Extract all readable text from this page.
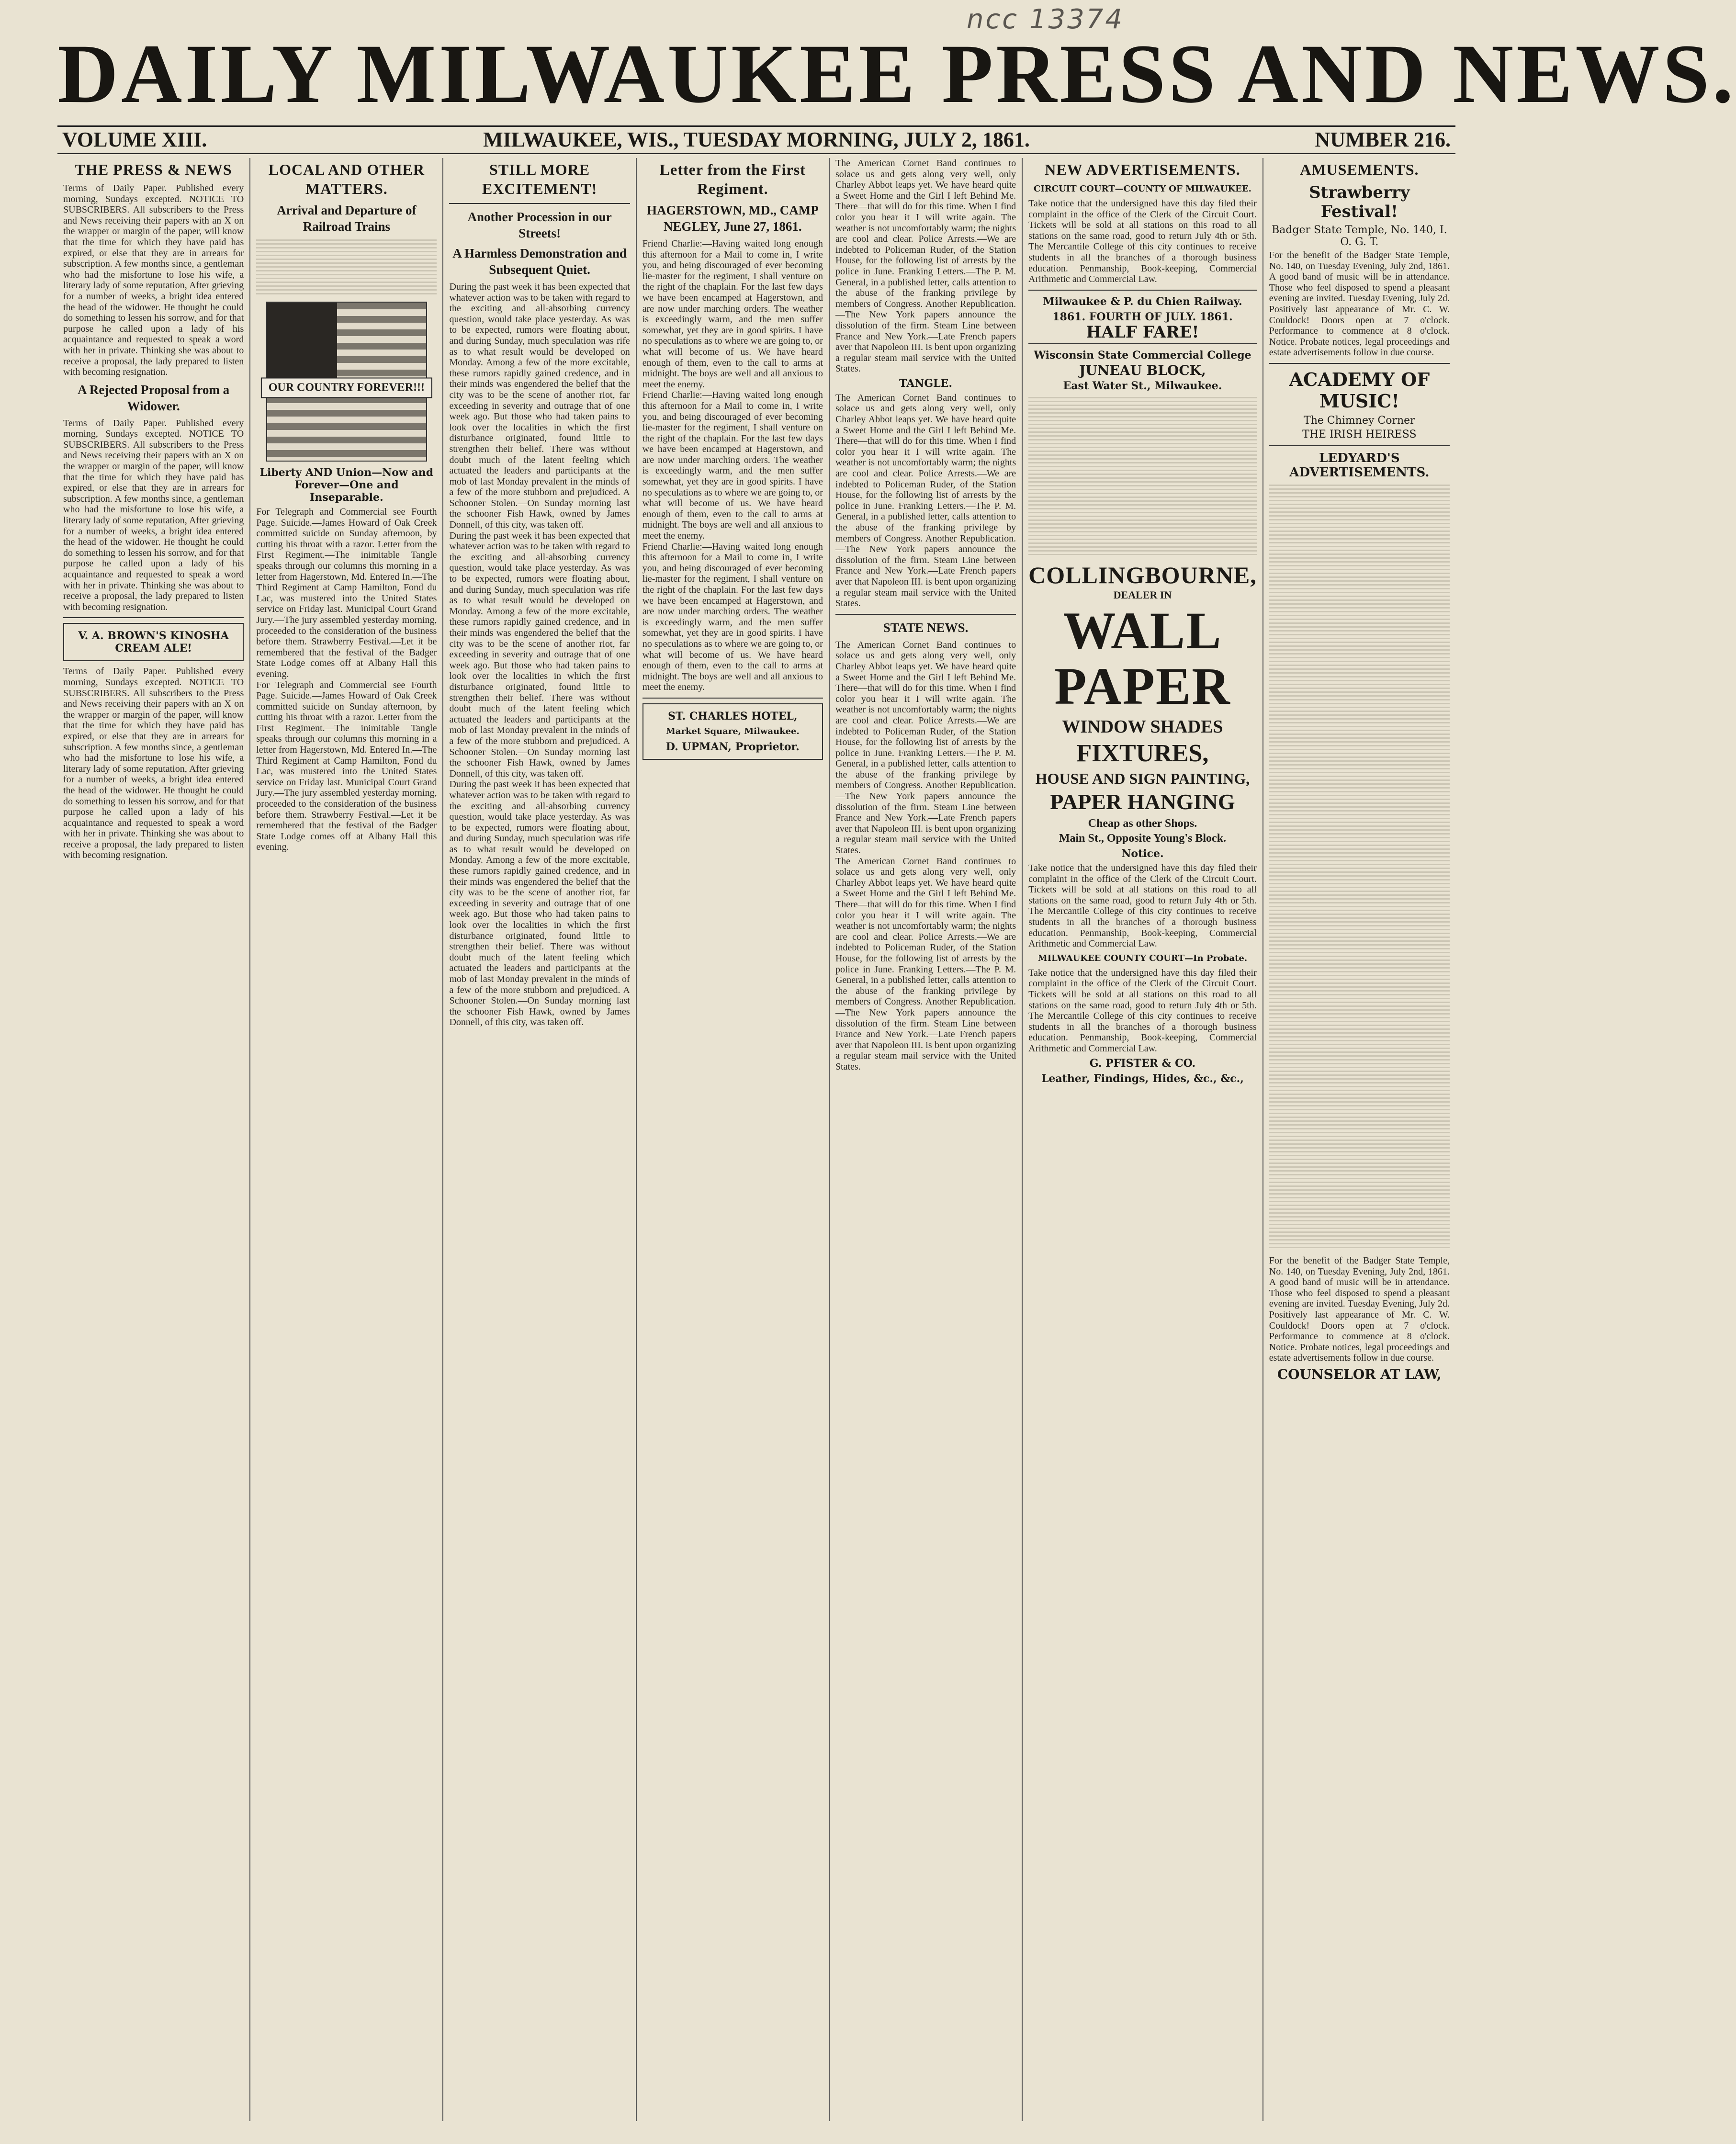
ncc 13374
DAILY MILWAUKEE PRESS AND NEWS.
MILWAUKEE, WIS., TUESDAY MORNING, JULY 2, 1861.
VOLUME XIII.	NUMBER 216.
THE PRESS & NEWS
Terms of Daily Paper. Published every morning, Sundays excepted. NOTICE TO SUBSCRIBERS. All subscribers to the Press and News receiving their papers with an X on the wrapper or margin of the paper, will know that the time for which they have paid has expired, or else that they are in arrears for subscription. A few months since, a gentleman who had the misfortune to lose his wife, a literary lady of some reputation, After grieving for a number of weeks, a bright idea entered the head of the widower. He thought he could do something to lessen his sorrow, and for that purpose he called upon a lady of his acquaintance and requested to speak a word with her in private. Thinking she was about to receive a proposal, the lady prepared to listen with becoming resignation.
A Rejected Proposal from a Widower.
Terms of Daily Paper. Published every morning, Sundays excepted. NOTICE TO SUBSCRIBERS. All subscribers to the Press and News receiving their papers with an X on the wrapper or margin of the paper, will know that the time for which they have paid has expired, or else that they are in arrears for subscription. A few months since, a gentleman who had the misfortune to lose his wife, a literary lady of some reputation, After grieving for a number of weeks, a bright idea entered the head of the widower. He thought he could do something to lessen his sorrow, and for that purpose he called upon a lady of his acquaintance and requested to speak a word with her in private. Thinking she was about to receive a proposal, the lady prepared to listen with becoming resignation.
V. A. BROWN'S KINOSHA CREAM ALE!
Terms of Daily Paper. Published every morning, Sundays excepted. NOTICE TO SUBSCRIBERS. All subscribers to the Press and News receiving their papers with an X on the wrapper or margin of the paper, will know that the time for which they have paid has expired, or else that they are in arrears for subscription. A few months since, a gentleman who had the misfortune to lose his wife, a literary lady of some reputation, After grieving for a number of weeks, a bright idea entered the head of the widower. He thought he could do something to lessen his sorrow, and for that purpose he called upon a lady of his acquaintance and requested to speak a word with her in private. Thinking she was about to receive a proposal, the lady prepared to listen with becoming resignation.
LOCAL AND OTHER MATTERS.
Arrival and Departure of Railroad Trains
OUR COUNTRY FOREVER!!!
Liberty AND Union—Now and Forever—One and Inseparable.
For Telegraph and Commercial see Fourth Page. Suicide.—James Howard of Oak Creek committed suicide on Sunday afternoon, by cutting his throat with a razor. Letter from the First Regiment.—The inimitable Tangle speaks through our columns this morning in a letter from Hagerstown, Md. Entered In.—The Third Regiment at Camp Hamilton, Fond du Lac, was mustered into the United States service on Friday last. Municipal Court Grand Jury.—The jury assembled yesterday morning, proceeded to the consideration of the business before them. Strawberry Festival.—Let it be remembered that the festival of the Badger State Lodge comes off at Albany Hall this evening.
For Telegraph and Commercial see Fourth Page. Suicide.—James Howard of Oak Creek committed suicide on Sunday afternoon, by cutting his throat with a razor. Letter from the First Regiment.—The inimitable Tangle speaks through our columns this morning in a letter from Hagerstown, Md. Entered In.—The Third Regiment at Camp Hamilton, Fond du Lac, was mustered into the United States service on Friday last. Municipal Court Grand Jury.—The jury assembled yesterday morning, proceeded to the consideration of the business before them. Strawberry Festival.—Let it be remembered that the festival of the Badger State Lodge comes off at Albany Hall this evening.
STILL MORE EXCITEMENT!
Another Procession in our Streets!
A Harmless Demonstration and Subsequent Quiet.
During the past week it has been expected that whatever action was to be taken with regard to the exciting and all-absorbing currency question, would take place yesterday. As was to be expected, rumors were floating about, and during Sunday, much speculation was rife as to what result would be developed on Monday. Among a few of the more excitable, these rumors rapidly gained credence, and in their minds was engendered the belief that the city was to be the scene of another riot, far exceeding in severity and outrage that of one week ago. But those who had taken pains to look over the localities in which the first disturbance originated, found little to strengthen their belief. There was without doubt much of the latent feeling which actuated the leaders and participants at the mob of last Monday prevalent in the minds of a few of the more stubborn and prejudiced. A Schooner Stolen.—On Sunday morning last the schooner Fish Hawk, owned by James Donnell, of this city, was taken off.
During the past week it has been expected that whatever action was to be taken with regard to the exciting and all-absorbing currency question, would take place yesterday. As was to be expected, rumors were floating about, and during Sunday, much speculation was rife as to what result would be developed on Monday. Among a few of the more excitable, these rumors rapidly gained credence, and in their minds was engendered the belief that the city was to be the scene of another riot, far exceeding in severity and outrage that of one week ago. But those who had taken pains to look over the localities in which the first disturbance originated, found little to strengthen their belief. There was without doubt much of the latent feeling which actuated the leaders and participants at the mob of last Monday prevalent in the minds of a few of the more stubborn and prejudiced. A Schooner Stolen.—On Sunday morning last the schooner Fish Hawk, owned by James Donnell, of this city, was taken off.
During the past week it has been expected that whatever action was to be taken with regard to the exciting and all-absorbing currency question, would take place yesterday. As was to be expected, rumors were floating about, and during Sunday, much speculation was rife as to what result would be developed on Monday. Among a few of the more excitable, these rumors rapidly gained credence, and in their minds was engendered the belief that the city was to be the scene of another riot, far exceeding in severity and outrage that of one week ago. But those who had taken pains to look over the localities in which the first disturbance originated, found little to strengthen their belief. There was without doubt much of the latent feeling which actuated the leaders and participants at the mob of last Monday prevalent in the minds of a few of the more stubborn and prejudiced. A Schooner Stolen.—On Sunday morning last the schooner Fish Hawk, owned by James Donnell, of this city, was taken off.
Letter from the First Regiment.
HAGERSTOWN, MD., CAMP NEGLEY, June 27, 1861.
Friend Charlie:—Having waited long enough this afternoon for a Mail to come in, I write you, and being discouraged of ever becoming lie-master for the regiment, I shall venture on the right of the chaplain. For the last few days we have been encamped at Hagerstown, and are now under marching orders. The weather is exceedingly warm, and the men suffer somewhat, yet they are in good spirits. I have no speculations as to where we are going to, or what will become of us. We have heard enough of them, even to the call to arms at midnight. The boys are well and all anxious to meet the enemy.
Friend Charlie:—Having waited long enough this afternoon for a Mail to come in, I write you, and being discouraged of ever becoming lie-master for the regiment, I shall venture on the right of the chaplain. For the last few days we have been encamped at Hagerstown, and are now under marching orders. The weather is exceedingly warm, and the men suffer somewhat, yet they are in good spirits. I have no speculations as to where we are going to, or what will become of us. We have heard enough of them, even to the call to arms at midnight. The boys are well and all anxious to meet the enemy.
Friend Charlie:—Having waited long enough this afternoon for a Mail to come in, I write you, and being discouraged of ever becoming lie-master for the regiment, I shall venture on the right of the chaplain. For the last few days we have been encamped at Hagerstown, and are now under marching orders. The weather is exceedingly warm, and the men suffer somewhat, yet they are in good spirits. I have no speculations as to where we are going to, or what will become of us. We have heard enough of them, even to the call to arms at midnight. The boys are well and all anxious to meet the enemy.
ST. CHARLES HOTEL,
Market Square, Milwaukee.
D. UPMAN, Proprietor.
The American Cornet Band continues to solace us and gets along very well, only Charley Abbot leaps yet. We have heard quite a Sweet Home and the Girl I left Behind Me. There—that will do for this time. When I find color you hear it I will write again. The weather is not uncomfortably warm; the nights are cool and clear. Police Arrests.—We are indebted to Policeman Ruder, of the Station House, for the following list of arrests by the police in June. Franking Letters.—The P. M. General, in a published letter, calls attention to the abuse of the franking privilege by members of Congress. Another Republication.—The New York papers announce the dissolution of the firm. Steam Line between France and New York.—Late French papers aver that Napoleon III. is bent upon organizing a regular steam mail service with the United States.
TANGLE.
The American Cornet Band continues to solace us and gets along very well, only Charley Abbot leaps yet. We have heard quite a Sweet Home and the Girl I left Behind Me. There—that will do for this time. When I find color you hear it I will write again. The weather is not uncomfortably warm; the nights are cool and clear. Police Arrests.—We are indebted to Policeman Ruder, of the Station House, for the following list of arrests by the police in June. Franking Letters.—The P. M. General, in a published letter, calls attention to the abuse of the franking privilege by members of Congress. Another Republication.—The New York papers announce the dissolution of the firm. Steam Line between France and New York.—Late French papers aver that Napoleon III. is bent upon organizing a regular steam mail service with the United States.
STATE NEWS.
The American Cornet Band continues to solace us and gets along very well, only Charley Abbot leaps yet. We have heard quite a Sweet Home and the Girl I left Behind Me. There—that will do for this time. When I find color you hear it I will write again. The weather is not uncomfortably warm; the nights are cool and clear. Police Arrests.—We are indebted to Policeman Ruder, of the Station House, for the following list of arrests by the police in June. Franking Letters.—The P. M. General, in a published letter, calls attention to the abuse of the franking privilege by members of Congress. Another Republication.—The New York papers announce the dissolution of the firm. Steam Line between France and New York.—Late French papers aver that Napoleon III. is bent upon organizing a regular steam mail service with the United States.
The American Cornet Band continues to solace us and gets along very well, only Charley Abbot leaps yet. We have heard quite a Sweet Home and the Girl I left Behind Me. There—that will do for this time. When I find color you hear it I will write again. The weather is not uncomfortably warm; the nights are cool and clear. Police Arrests.—We are indebted to Policeman Ruder, of the Station House, for the following list of arrests by the police in June. Franking Letters.—The P. M. General, in a published letter, calls attention to the abuse of the franking privilege by members of Congress. Another Republication.—The New York papers announce the dissolution of the firm. Steam Line between France and New York.—Late French papers aver that Napoleon III. is bent upon organizing a regular steam mail service with the United States.
NEW ADVERTISEMENTS.
CIRCUIT COURT—COUNTY OF MILWAUKEE.
Take notice that the undersigned have this day filed their complaint in the office of the Clerk of the Circuit Court. Tickets will be sold at all stations on this road to all stations on the same road, good to return July 4th or 5th. The Mercantile College of this city continues to receive students in all the branches of a thorough business education. Penmanship, Book-keeping, Commercial Arithmetic and Commercial Law.
Milwaukee & P. du Chien Railway.
1861. FOURTH OF JULY. 1861.
HALF FARE!
Wisconsin State Commercial College
JUNEAU BLOCK,
East Water St., Milwaukee.
COLLINGBOURNE,
DEALER IN
WALL PAPER
WINDOW SHADES
FIXTURES,
HOUSE AND SIGN PAINTING,
PAPER HANGING
Cheap as other Shops.
Main St., Opposite Young's Block.
Notice.
Take notice that the undersigned have this day filed their complaint in the office of the Clerk of the Circuit Court. Tickets will be sold at all stations on this road to all stations on the same road, good to return July 4th or 5th. The Mercantile College of this city continues to receive students in all the branches of a thorough business education. Penmanship, Book-keeping, Commercial Arithmetic and Commercial Law.
MILWAUKEE COUNTY COURT—In Probate.
Take notice that the undersigned have this day filed their complaint in the office of the Clerk of the Circuit Court. Tickets will be sold at all stations on this road to all stations on the same road, good to return July 4th or 5th. The Mercantile College of this city continues to receive students in all the branches of a thorough business education. Penmanship, Book-keeping, Commercial Arithmetic and Commercial Law.
G. PFISTER & CO.
Leather, Findings, Hides, &c., &c.,
AMUSEMENTS.
Strawberry Festival!
Badger State Temple, No. 140, I. O. G. T.
For the benefit of the Badger State Temple, No. 140, on Tuesday Evening, July 2nd, 1861. A good band of music will be in attendance. Those who feel disposed to spend a pleasant evening are invited. Tuesday Evening, July 2d. Positively last appearance of Mr. C. W. Couldock! Doors open at 7 o'clock. Performance to commence at 8 o'clock. Notice. Probate notices, legal proceedings and estate advertisements follow in due course.
ACADEMY OF MUSIC!
The Chimney Corner
THE IRISH HEIRESS
LEDYARD'S ADVERTISEMENTS.
For the benefit of the Badger State Temple, No. 140, on Tuesday Evening, July 2nd, 1861. A good band of music will be in attendance. Those who feel disposed to spend a pleasant evening are invited. Tuesday Evening, July 2d. Positively last appearance of Mr. C. W. Couldock! Doors open at 7 o'clock. Performance to commence at 8 o'clock. Notice. Probate notices, legal proceedings and estate advertisements follow in due course.
COUNSELOR AT LAW,
